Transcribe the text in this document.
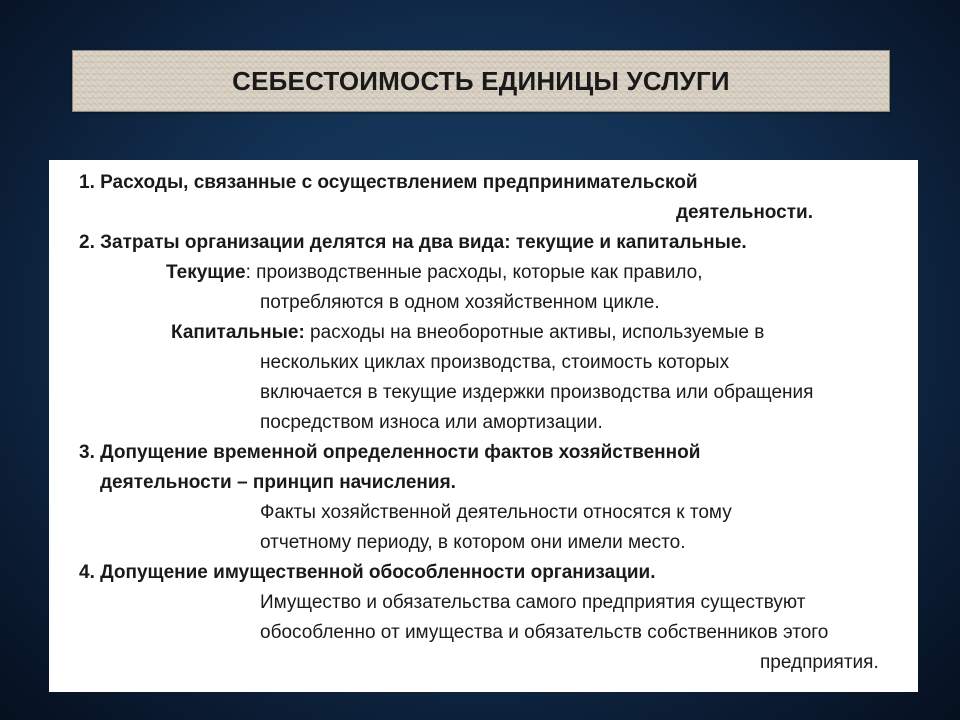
СЕБЕСТОИМОСТЬ ЕДИНИЦЫ УСЛУГИ
1. Расходы, связанные с осуществлением предпринимательской
деятельности.
2. Затраты организации делятся на два вида: текущие и капитальные.
Текущие: производственные расходы, которые как правило,
потребляются в одном хозяйственном цикле.
Капитальные: расходы на внеоборотные активы, используемые в
нескольких циклах производства, стоимость которых
включается в текущие издержки производства или обращения
посредством износа или амортизации.
3. Допущение временной определенности фактов хозяйственной
деятельности – принцип начисления.
Факты хозяйственной деятельности относятся к тому
отчетному периоду, в котором они имели место.
4. Допущение имущественной обособленности организации.
Имущество и обязательства самого предприятия существуют
обособленно от имущества и обязательств собственников этого
предприятия.
